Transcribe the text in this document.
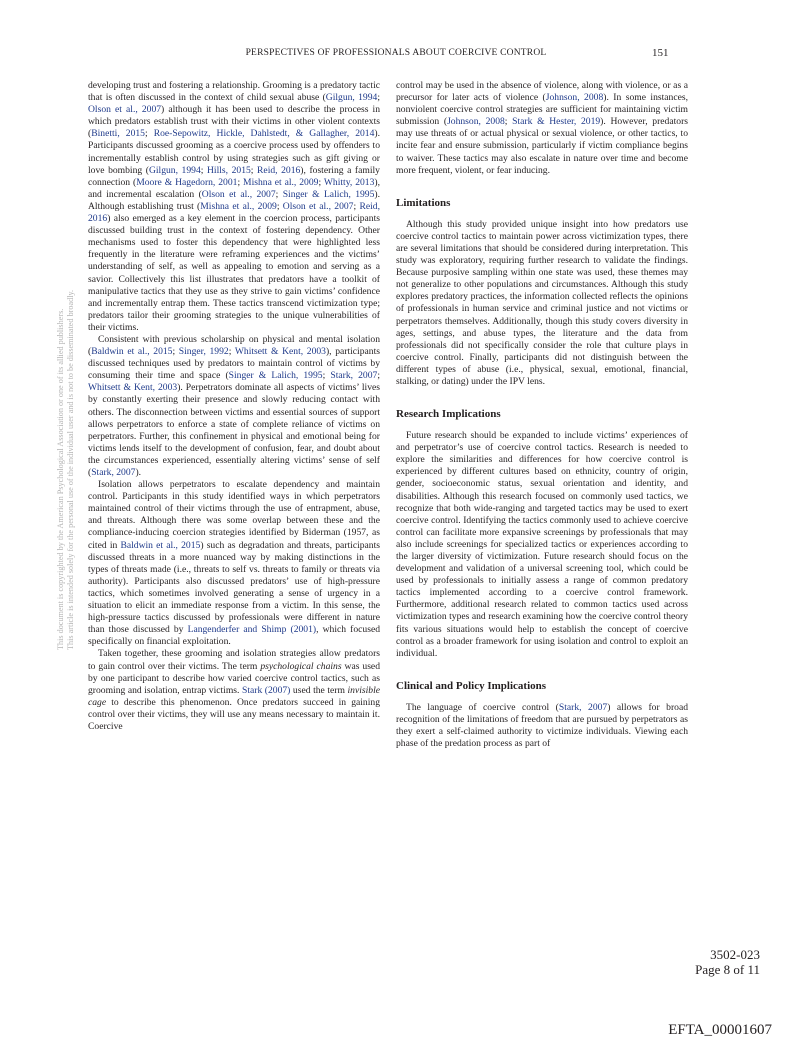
PERSPECTIVES OF PROFESSIONALS ABOUT COERCIVE CONTROL	151
This document is copyrighted by the American Psychological Association or one of its allied publishers. This article is intended solely for the personal use of the individual user and is not to be disseminated broadly.

developing trust and fostering a relationship. Grooming is a predatory tactic that is often discussed in the context of child sexual abuse (Gilgun, 1994; Olson et al., 2007) although it has been used to describe the process in which predators establish trust with their victims in other violent contexts (Binetti, 2015; Roe-Sepowitz, Hickle, Dahlstedt, & Gallagher, 2014). Participants discussed grooming as a coercive process used by offenders to incrementally establish control by using strategies such as gift giving or love bombing (Gilgun, 1994; Hills, 2015; Reid, 2016), fostering a family connection (Moore & Hagedorn, 2001; Mishna et al., 2009; Whitty, 2013), and incremental escalation (Olson et al., 2007; Singer & Lalich, 1995). Although establishing trust (Mishna et al., 2009; Olson et al., 2007; Reid, 2016) also emerged as a key element in the coercion process, participants discussed building trust in the context of fostering dependency. Other mechanisms used to foster this dependency that were highlighted less frequently in the literature were reframing experiences and the victims’ understanding of self, as well as appealing to emotion and serving as a savior. Collectively this list illustrates that predators have a toolkit of manipulative tactics that they use as they strive to gain victims’ confidence and incrementally entrap them. These tactics transcend victimization type; predators tailor their grooming strategies to the unique vulnerabilities of their victims.

Consistent with previous scholarship on physical and mental isolation (Baldwin et al., 2015; Singer, 1992; Whitsett & Kent, 2003), participants discussed techniques used by predators to maintain control of victims by consuming their time and space (Singer & Lalich, 1995; Stark, 2007; Whitsett & Kent, 2003). Perpetrators dominate all aspects of victims’ lives by constantly exerting their presence and slowly reducing contact with others. The disconnection between victims and essential sources of support allows perpetrators to enforce a state of complete reliance of victims on perpetrators. Further, this confinement in physical and emotional being for victims lends itself to the development of confusion, fear, and doubt about the circumstances experienced, essentially altering victims’ sense of self (Stark, 2007).

Isolation allows perpetrators to escalate dependency and maintain control. Participants in this study identified ways in which perpetrators maintained control of their victims through the use of entrapment, abuse, and threats. Although there was some overlap between these and the compliance-inducing coercion strategies identified by Biderman (1957, as cited in Baldwin et al., 2015) such as degradation and threats, participants discussed threats in a more nuanced way by making distinctions in the types of threats made (i.e., threats to self vs. threats to family or threats via authority). Participants also discussed predators’ use of high-pressure tactics, which sometimes involved generating a sense of urgency in a situation to elicit an immediate response from a victim. In this sense, the high-pressure tactics discussed by professionals were different in nature than those discussed by Langenderfer and Shimp (2001), which focused specifically on financial exploitation.

Taken together, these grooming and isolation strategies allow predators to gain control over their victims. The term psychological chains was used by one participant to describe how varied coercive control tactics, such as grooming and isolation, entrap victims. Stark (2007) used the term invisible cage to describe this phenomenon. Once predators succeed in gaining control over their victims, they will use any means necessary to maintain it. Coercive

control may be used in the absence of violence, along with violence, or as a precursor for later acts of violence (Johnson, 2008). In some instances, nonviolent coercive control strategies are sufficient for maintaining victim submission (Johnson, 2008; Stark & Hester, 2019). However, predators may use threats of or actual physical or sexual violence, or other tactics, to incite fear and ensure submission, particularly if victim compliance begins to waiver. These tactics may also escalate in nature over time and become more frequent, violent, or fear inducing.

Limitations

Although this study provided unique insight into how predators use coercive control tactics to maintain power across victimization types, there are several limitations that should be considered during interpretation. This study was exploratory, requiring further research to validate the findings. Because purposive sampling within one state was used, these themes may not generalize to other populations and circumstances. Although this study explores predatory practices, the information collected reflects the opinions of professionals in human service and criminal justice and not victims or perpetrators themselves. Additionally, though this study covers diversity in ages, settings, and abuse types, the literature and the data from professionals did not specifically consider the role that culture plays in coercive control. Finally, participants did not distinguish between the different types of abuse (i.e., physical, sexual, emotional, financial, stalking, or dating) under the IPV lens.

Research Implications

Future research should be expanded to include victims’ experiences of and perpetrator’s use of coercive control tactics. Research is needed to explore the similarities and differences for how coercive control is experienced by different cultures based on ethnicity, country of origin, gender, socioeconomic status, sexual orientation and identity, and disabilities. Although this research focused on commonly used tactics, we recognize that both wide-ranging and targeted tactics may be used to exert coercive control. Identifying the tactics commonly used to achieve coercive control can facilitate more expansive screenings by professionals that may also include screenings for specialized tactics or experiences according to the larger diversity of victimization. Future research should focus on the development and validation of a universal screening tool, which could be used by professionals to initially assess a range of common predatory tactics implemented according to a coercive control framework. Furthermore, additional research related to common tactics used across victimization types and research examining how the coercive control theory fits various situations would help to establish the concept of coercive control as a broader framework for using isolation and control to exploit an individual.

Clinical and Policy Implications

The language of coercive control (Stark, 2007) allows for broad recognition of the limitations of freedom that are pursued by perpetrators as they exert a self-claimed authority to victimize individuals. Viewing each phase of the predation process as part of

3502-023
Page 8 of 11
EFTA_00001607
